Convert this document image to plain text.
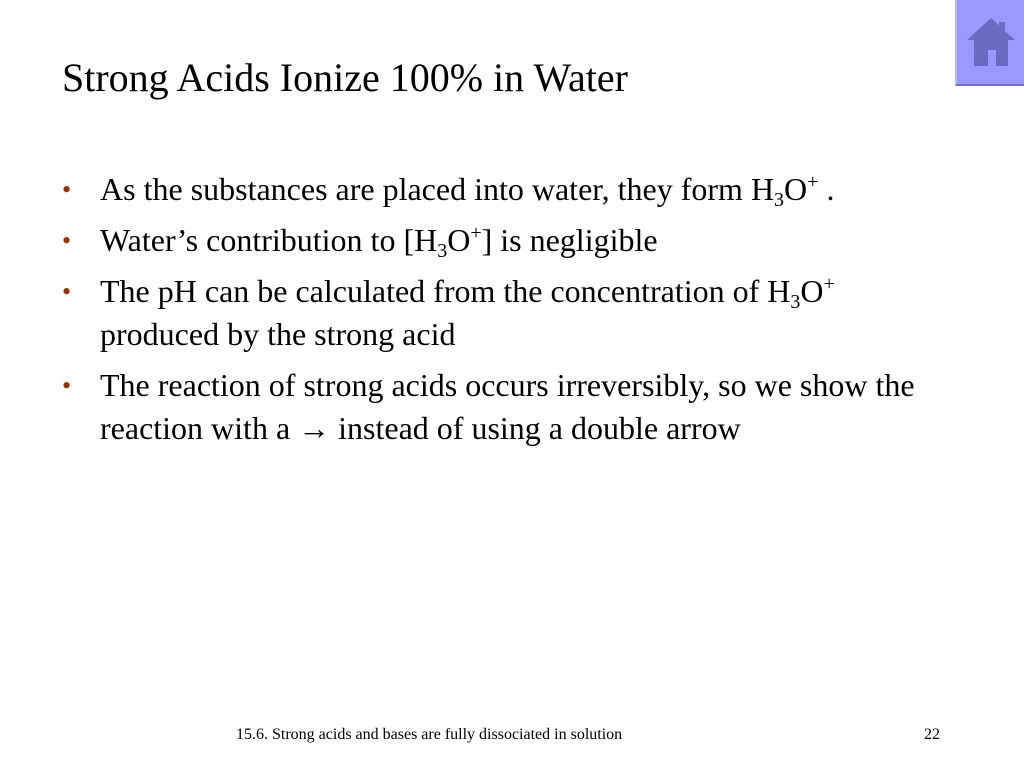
Strong Acids Ionize 100% in Water
• As the substances are placed into water, they form $H_3O^+$ .
• Water’s contribution to $[H_3O^+]$ is negligible
• The pH can be calculated from the concentration of $H_3O^+$ produced by the strong acid
• The reaction of strong acids occurs irreversibly, so we show the reaction with a → instead of using a double arrow
15.6. Strong acids and bases are fully dissociated in solution	22
